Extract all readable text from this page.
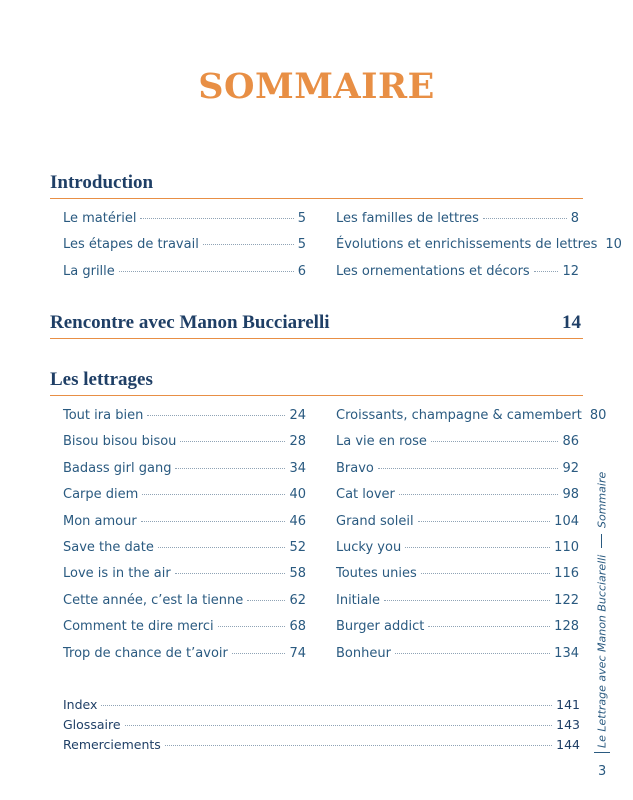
SOMMAIRE
Introduction
Le matériel	5
Les étapes de travail	5
La grille	6
Les familles de lettres	8
Évolutions et enrichissements de lettres 10
Les ornementations et décors	12
Rencontre avec Manon Bucciarelli	14
Les lettrages
Tout ira bien	24
Bisou bisou bisou	28
Badass girl gang	34
Carpe diem	40
Mon amour	46
Save the date	52
Love is in the air	58
Cette année, c’est la tienne	62
Comment te dire merci	68
Trop de chance de t’avoir	74
Croissants, champagne & camembert 80
La vie en rose	86
Bravo	92
Cat lover	98
Grand soleil	104
Lucky you	110
Toutes unies	116
Initiale	122
Burger addict	128
Bonheur	134
Index	141
Glossaire	143
Remerciements	144 Le Lettrage avec Manon Bucciarelli
Sommaire
3
